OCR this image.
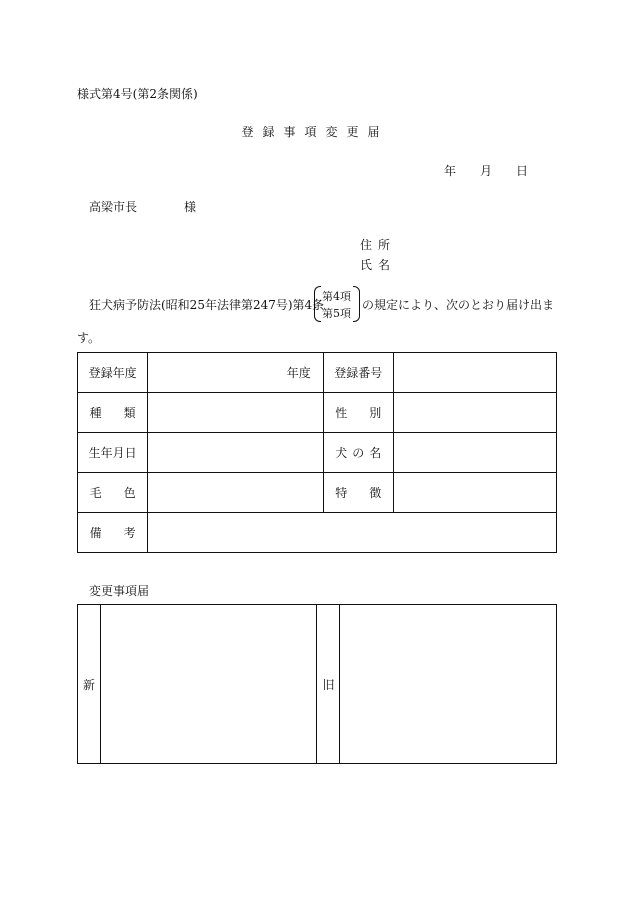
様式第4号(第2条関係)
登録事項変更届
年 月 日
高梁市長	様
住所
氏名
狂犬病予防法(昭和25年法律第247号)第4条
第4項
第5項
の規定により、次のとおり届け出ま
す。
登録年度	年度	登録番号	
種類		性別	
生年月日		犬の名	
毛色		特徴	
備考			
変更事項届
新		旧	
